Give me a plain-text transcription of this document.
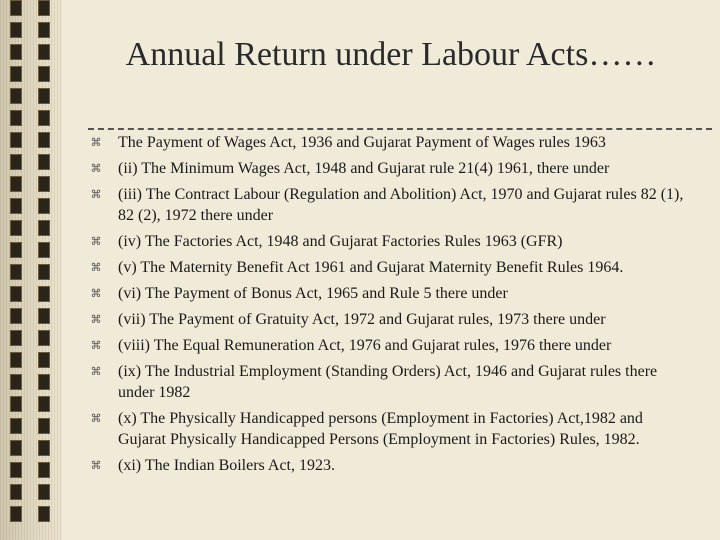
Annual Return under Labour Acts……
⌘
The Payment of Wages Act, 1936 and Gujarat Payment of Wages rules 1963
⌘
(ii) The Minimum Wages Act, 1948 and Gujarat rule 21(4) 1961, there under
⌘
(iii) The Contract Labour (Regulation and Abolition) Act, 1970 and Gujarat rules 82 (1), 82 (2), 1972 there under
⌘
(iv) The Factories Act, 1948 and Gujarat Factories Rules 1963 (GFR)
⌘
(v) The Maternity Benefit Act 1961 and Gujarat Maternity Benefit Rules 1964.
⌘
(vi) The Payment of Bonus Act, 1965 and Rule 5 there under
⌘
(vii) The Payment of Gratuity Act, 1972 and Gujarat rules, 1973 there under
⌘
(viii) The Equal Remuneration Act, 1976 and Gujarat rules, 1976 there under
⌘
(ix) The Industrial Employment (Standing Orders) Act, 1946 and Gujarat rules there under 1982
⌘
(x) The Physically Handicapped persons (Employment in Factories) Act,1982 and Gujarat Physically Handicapped Persons (Employment in Factories) Rules, 1982.
⌘
(xi) The Indian Boilers Act, 1923.
